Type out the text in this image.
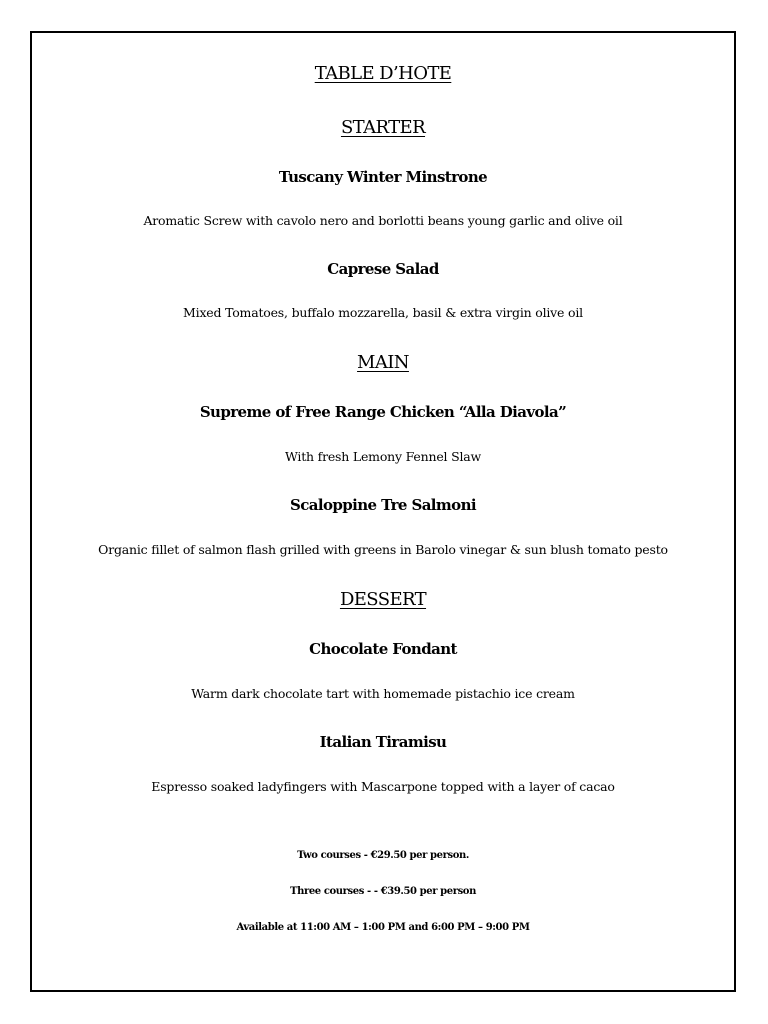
TABLE D’HOTE
STARTER
Tuscany Winter Minstrone
Aromatic Screw with cavolo nero and borlotti beans young garlic and olive oil
Caprese Salad
Mixed Tomatoes, buffalo mozzarella, basil & extra virgin olive oil
MAIN
Supreme of Free Range Chicken “Alla Diavola”
With fresh Lemony Fennel Slaw
Scaloppine Tre Salmoni
Organic fillet of salmon flash grilled with greens in Barolo vinegar & sun blush tomato pesto
DESSERT
Chocolate Fondant
Warm dark chocolate tart with homemade pistachio ice cream
Italian Tiramisu
Espresso soaked ladyfingers with Mascarpone topped with a layer of cacao
Two courses - €29.50 per person.
Three courses - - €39.50 per person
Available at 11:00 AM – 1:00 PM and 6:00 PM – 9:00 PM
